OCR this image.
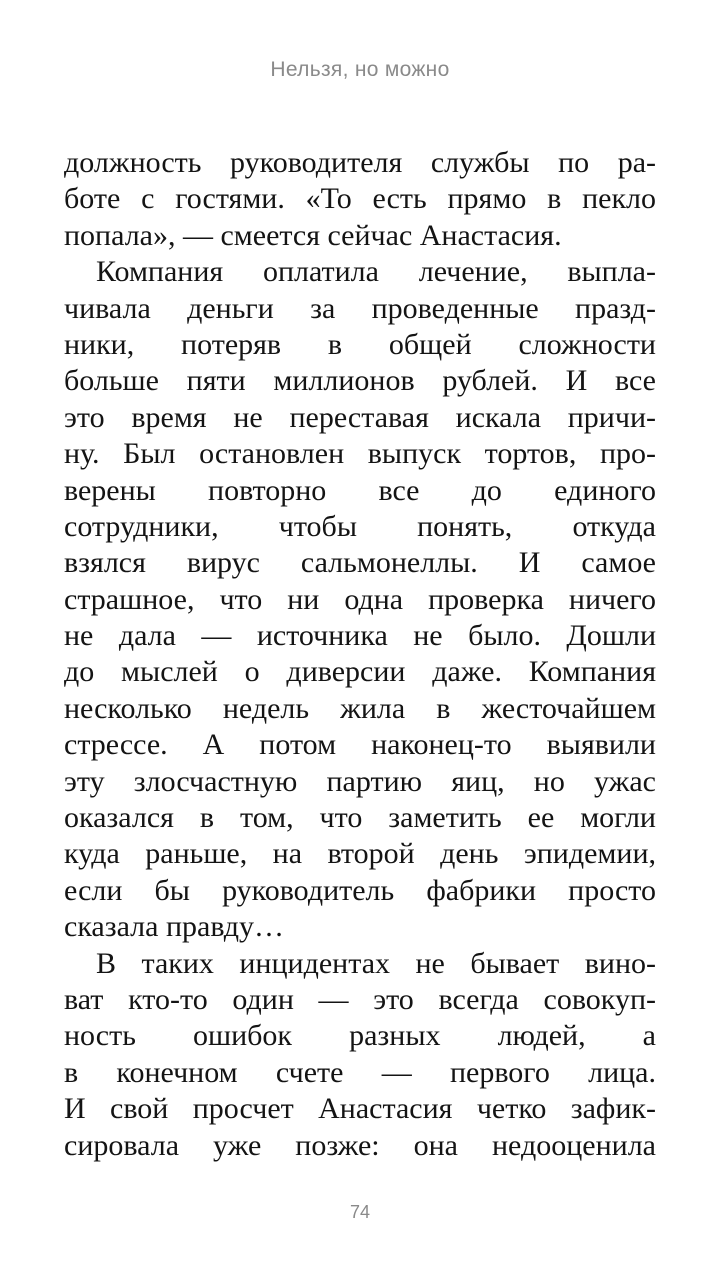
Нельзя, но можно
должность руководителя службы по ра-
боте с гостями. «То есть прямо в пекло
попала», — смеется сейчас Анастасия.
Компания оплатила лечение, выпла-
чивала деньги за проведенные празд-
ники, потеряв в общей сложности
больше пяти миллионов рублей. И все
это время не переставая искала причи-
ну. Был остановлен выпуск тортов, про-
верены повторно все до единого
сотрудники, чтобы понять, откуда
взялся вирус сальмонеллы. И самое
страшное, что ни одна проверка ничего
не дала — источника не было. Дошли
до мыслей о диверсии даже. Компания
несколько недель жила в жесточайшем
стрессе. А потом наконец-то выявили
эту злосчастную партию яиц, но ужас
оказался в том, что заметить ее могли
куда раньше, на второй день эпидемии,
если бы руководитель фабрики просто
сказала правду…
В таких инцидентах не бывает вино-
ват кто-то один — это всегда совокуп-
ность ошибок разных людей, а
в конечном счете — первого лица.
И свой просчет Анастасия четко зафик-
сировала уже позже: она недооценила
74
